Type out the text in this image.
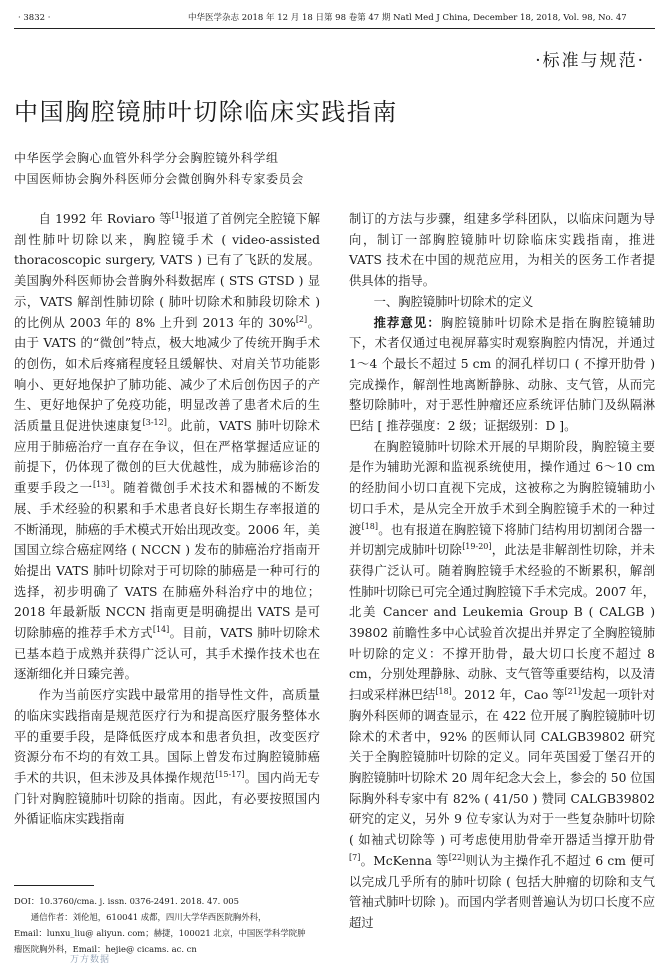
· 3832 ·	中华医学杂志 2018 年 12 月 18 日第 98 卷第 47 期 Natl Med J China, December 18, 2018, Vol. 98, No. 47
·标准与规范·
中国胸腔镜肺叶切除临床实践指南
中华医学会胸心血管外科学分会胸腔镜外科学组
中国医师协会胸外科医师分会微创胸外科专家委员会

自 1992 年 Roviaro 等[1]报道了首例完全腔镜下解剖性肺叶切除以来，胸腔镜手术 ( video-assisted thoracoscopic surgery, VATS ) 已有了飞跃的发展。美国胸外科医师协会普胸外科数据库 ( STS GTSD ) 显示，VATS 解剖性肺切除 ( 肺叶切除术和肺段切除术 ) 的比例从 2003 年的 8% 上升到 2013 年的 30%[2]。由于 VATS 的“微创”特点，极大地减少了传统开胸手术的创伤，如术后疼痛程度轻且缓解快、对肩关节功能影响小、更好地保护了肺功能、减少了术后创伤因子的产生、更好地保护了免疫功能，明显改善了患者术后的生活质量且促进快速康复[3-12]。此前，VATS 肺叶切除术应用于肺癌治疗一直存在争议，但在严格掌握适应证的前提下，仍体现了微创的巨大优越性，成为肺癌诊治的重要手段之一[13]。随着微创手术技术和器械的不断发展、手术经验的积累和手术患者良好长期生存率报道的不断涌现，肺癌的手术模式开始出现改变。2006 年，美国国立综合癌症网络 ( NCCN ) 发布的肺癌治疗指南开始提出 VATS 肺叶切除对于可切除的肺癌是一种可行的选择，初步明确了 VATS 在肺癌外科治疗中的地位；2018 年最新版 NCCN 指南更是明确提出 VATS 是可切除肺癌的推荐手术方式[14]。目前，VATS 肺叶切除术已基本趋于成熟并获得广泛认可，其手术操作技术也在逐渐细化并日臻完善。

作为当前医疗实践中最常用的指导性文件，高质量的临床实践指南是规范医疗行为和提高医疗服务整体水平的重要手段，是降低医疗成本和患者负担，改变医疗资源分布不均的有效工具。国际上曾发布过胸腔镜肺癌手术的共识，但未涉及具体操作规范[15-17]。国内尚无专门针对胸腔镜肺叶切除的指南。因此，有必要按照国内外循证临床实践指南

制订的方法与步骤，组建多学科团队，以临床问题为导向，制订一部胸腔镜肺叶切除临床实践指南，推进 VATS 技术在中国的规范应用，为相关的医务工作者提供具体的指导。

一、胸腔镜肺叶切除术的定义

推荐意见：胸腔镜肺叶切除术是指在胸腔镜辅助下，术者仅通过电视屏幕实时观察胸腔内情况，并通过 1～4 个最长不超过 5 cm 的洞孔样切口 ( 不撑开肋骨 ) 完成操作，解剖性地离断静脉、动脉、支气管，从而完整切除肺叶，对于恶性肿瘤还应系统评估肺门及纵隔淋巴结 [ 推荐强度：2 级；证据级别：D ]。

在胸腔镜肺叶切除术开展的早期阶段，胸腔镜主要是作为辅助光源和监视系统使用，操作通过 6～10 cm 的经肋间小切口直视下完成，这被称之为胸腔镜辅助小切口手术，是从完全开放手术到全胸腔镜手术的一种过渡[18]。也有报道在胸腔镜下将肺门结构用切割闭合器一并切割完成肺叶切除[19-20]，此法是非解剖性切除，并未获得广泛认可。随着胸腔镜手术经验的不断累积，解剖性肺叶切除已可完全通过胸腔镜下手术完成。2007 年，北美 Cancer and Leukemia Group B ( CALGB ) 39802 前瞻性多中心试验首次提出并界定了全胸腔镜肺叶切除的定义：不撑开肋骨，最大切口长度不超过 8 cm，分别处理静脉、动脉、支气管等重要结构，以及清扫或采样淋巴结[18]。2012 年，Cao 等[21]发起一项针对胸外科医师的调查显示，在 422 位开展了胸腔镜肺叶切除术的术者中，92% 的医师认同 CALGB39802 研究关于全胸腔镜肺叶切除的定义。同年英国爱丁堡召开的胸腔镜肺叶切除术 20 周年纪念大会上，参会的 50 位国际胸外科专家中有 82% ( 41/50 ) 赞同 CALGB39802 研究的定义，另外 9 位专家认为对于一些复杂肺叶切除 ( 如袖式切除等 ) 可考虑使用肋骨牵开器适当撑开肋骨[7]。McKenna 等[22]则认为主操作孔不超过 6 cm 便可以完成几乎所有的肺叶切除 ( 包括大肿瘤的切除和支气管袖式肺叶切除 )。而国内学者则普遍认为切口长度不应超过

DOI：10.3760/cma. j. issn. 0376-2491. 2018. 47. 005
通信作者：刘伦旭，610041 成都，四川大学华西医院胸外科，
Email：lunxu_liu@ aliyun. com；赫捷，100021 北京，中国医学科学院肿
瘤医院胸外科，Email：hejie@ cicams. ac. cn
万方数据
